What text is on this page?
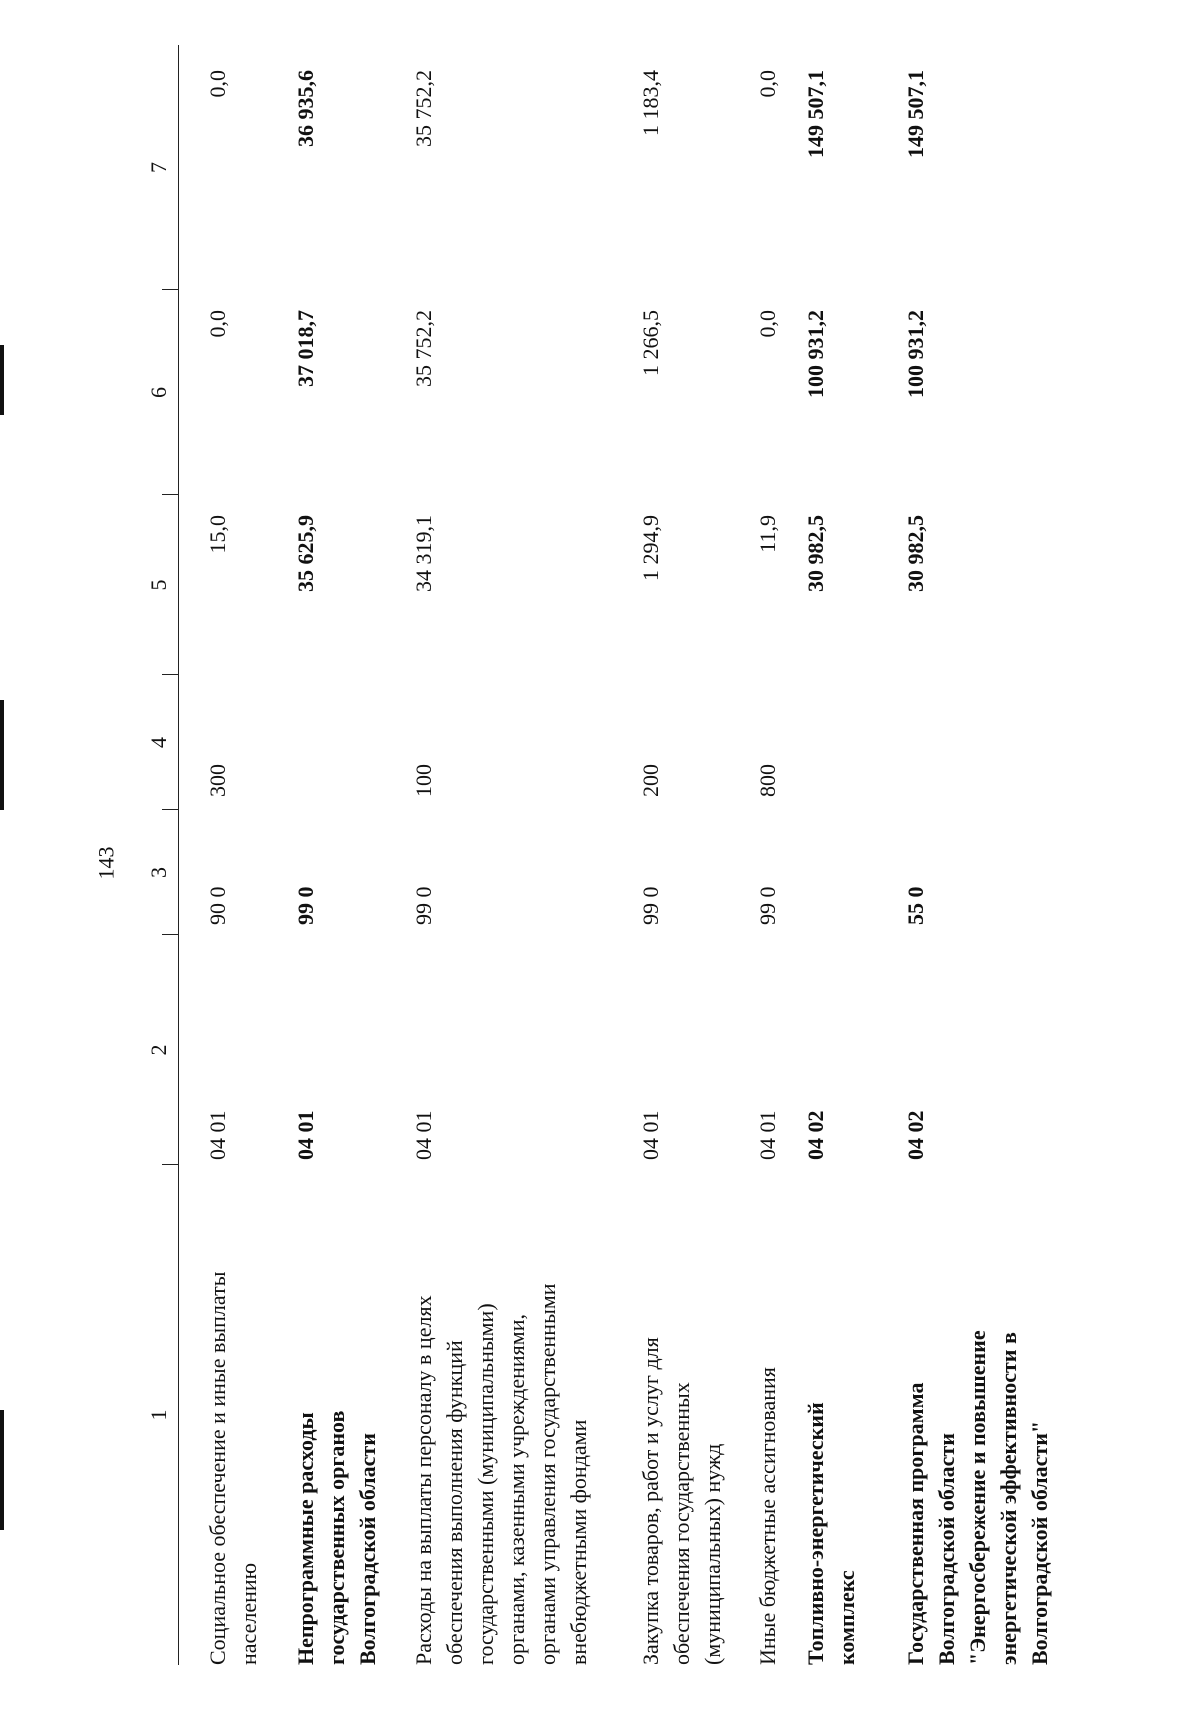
143
1
2
3
4
5
6
7
Социальное обеспечение и иные выплаты населению
04 01
90 0
300
15,0
0,0
0,0
Непрограммные расходы государственных органов Волгоградской области
04 01
99 0
35 625,9
37 018,7
36 935,6
Расходы на выплаты персоналу в целях обеспечения выполнения функций государственными (муниципальными) органами, казенными учреждениями, органами управления государственными внебюджетными фондами
04 01
99 0
100
34 319,1
35 752,2
35 752,2
Закупка товаров, работ и услуг для обеспечения государственных (муниципальных) нужд
04 01
99 0
200
1 294,9
1 266,5
1 183,4
Иные бюджетные ассигнования
04 01
99 0
800
11,9
0,0
0,0
Топливно-энергетический комплекс
04 02
30 982,5
100 931,2
149 507,1
Государственная программа Волгоградской области "Энергосбережение и повышение энергетической эффективности в Волгоградской области"
04 02
55 0
30 982,5
100 931,2
149 507,1
